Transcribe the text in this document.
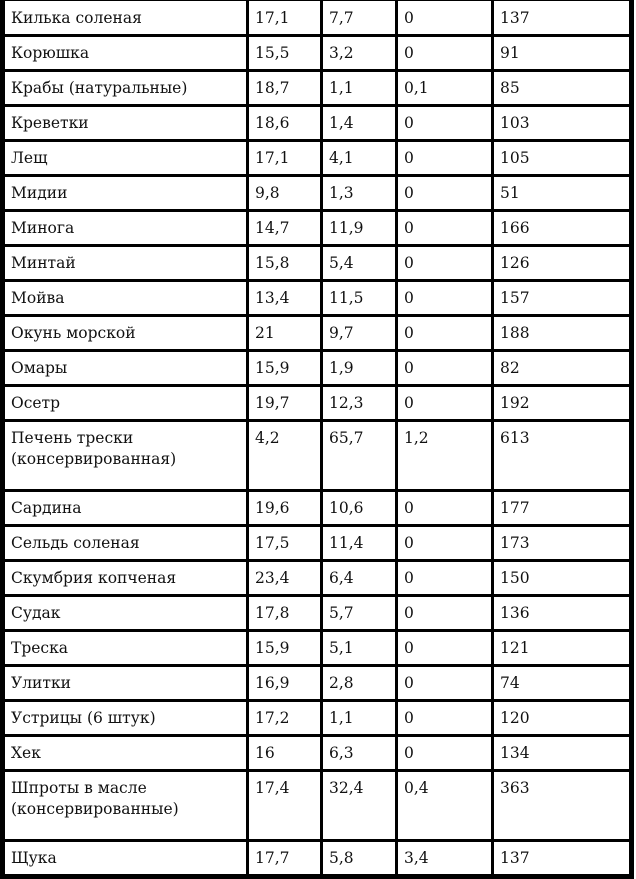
Килька соленая	17,1	7,7	0	137
Корюшка	15,5	3,2	0	91
Крабы (натуральные)	18,7	1,1	0,1	85
Креветки	18,6	1,4	0	103
Лещ	17,1	4,1	0	105
Мидии	9,8	1,3	0	51
Минога	14,7	11,9	0	166
Минтай	15,8	5,4	0	126
Мойва	13,4	11,5	0	157
Окунь морской	21	9,7	0	188
Омары	15,9	1,9	0	82
Осетр	19,7	12,3	0	192
Печень трески
(консервированная)	4,2	65,7	1,2	613
Сардина	19,6	10,6	0	177
Сельдь соленая	17,5	11,4	0	173
Скумбрия копченая	23,4	6,4	0	150
Судак	17,8	5,7	0	136
Треска	15,9	5,1	0	121
Улитки	16,9	2,8	0	74
Устрицы (6 штук)	17,2	1,1	0	120
Хек	16	6,3	0	134
Шпроты в масле
(консервированные)	17,4	32,4	0,4	363
Щука	17,7	5,8	3,4	137
